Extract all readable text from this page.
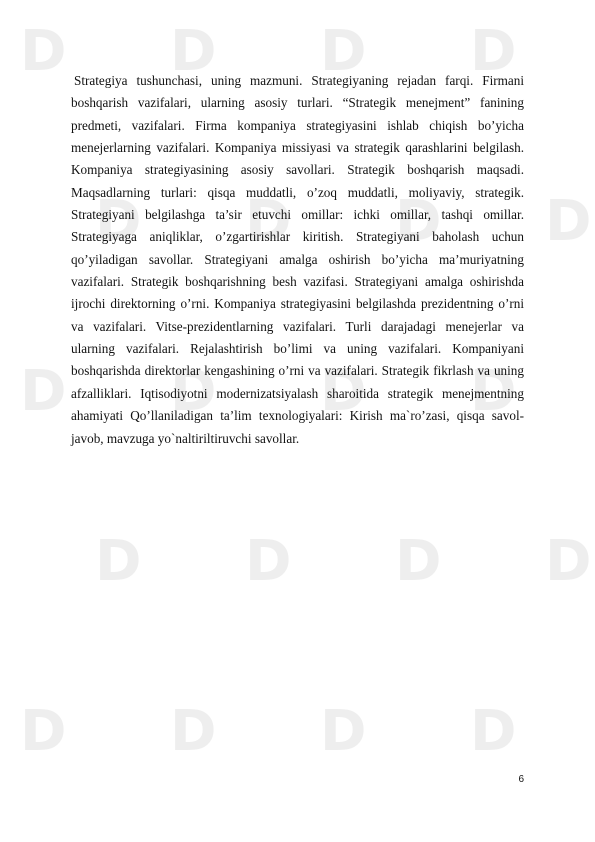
D D D D
D D D D
D D D D
D D D D
D D D D

Strategiya tushunchasi, uning mazmuni. Strategiyaning rejadan farqi. Firmani boshqarish vazifalari, ularning asosiy turlari. “Strategik menejment” fanining predmeti, vazifalari. Firma kompaniya strategiyasini ishlab chiqish bo’yicha menejerlarning vazifalari. Kompaniya missiyasi va strategik qarashlarini belgilash. Kompaniya strategiyasining asosiy savollari. Strategik boshqarish maqsadi. Maqsadlarning turlari: qisqa muddatli, o’zoq muddatli, moliyaviy, strategik. Strategiyani belgilashga ta’sir etuvchi omillar: ichki omillar, tashqi omillar. Strategiyaga aniqliklar, o’zgartirishlar kiritish. Strategiyani baholash uchun qo’yiladigan savollar. Strategiyani amalga oshirish bo’yicha ma’muriyatning vazifalari. Strategik boshqarishning besh vazifasi. Strategiyani amalga oshirishda ijrochi direktorning o’rni. Kompaniya strategiyasini belgilashda prezidentning o’rni va vazifalari. Vitse-prezidentlarning vazifalari. Turli darajadagi menejerlar va ularning vazifalari. Rejalashtirish bo’limi va uning vazifalari. Kompaniyani boshqarishda direktorlar kengashining o’rni va vazifalari. Strategik fikrlash va uning afzalliklari. Iqtisodiyotni modernizatsiyalash sharoitida strategik menejmentning ahamiyati Qo’llaniladigan ta’lim texnologiyalari: Kirish ma`ro’zasi, qisqa savol-javob, mavzuga yo`naltiriltiruvchi savollar.

6
